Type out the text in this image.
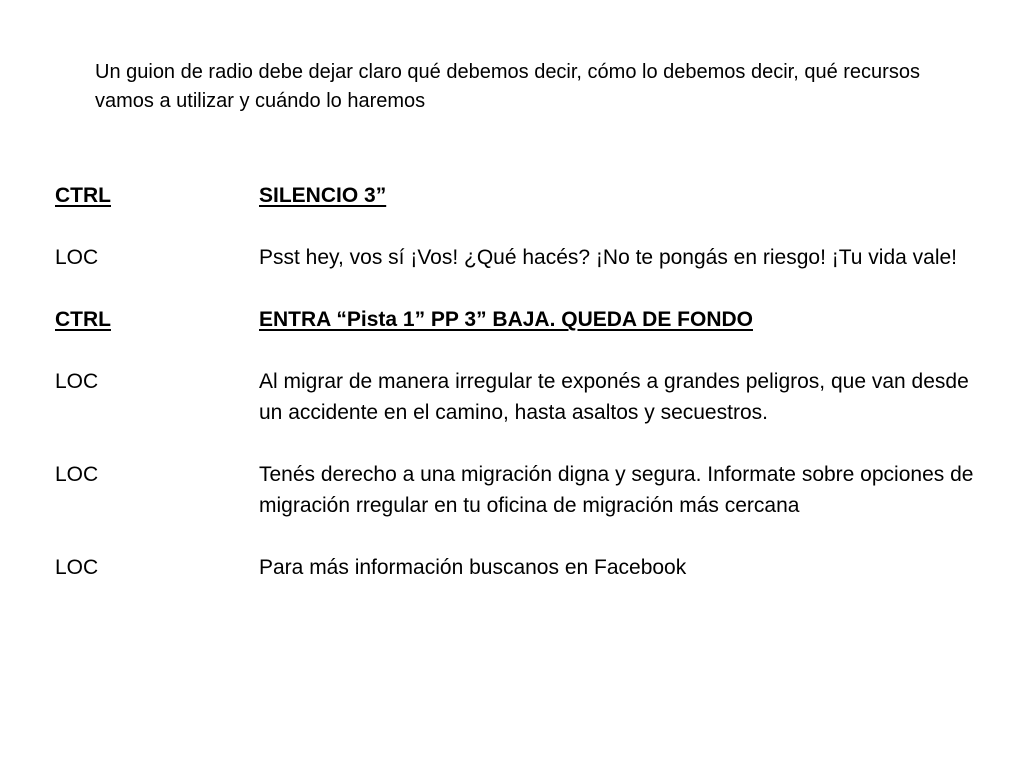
Un guion de radio debe dejar claro qué debemos decir, cómo lo debemos decir, qué recursos vamos a utilizar y cuándo lo haremos
CTRL	SILENCIO 3”
LOC	Psst hey, vos sí ¡Vos! ¿Qué hacés? ¡No te pongás en riesgo! ¡Tu vida vale!
CTRL	ENTRA “Pista 1” PP 3” BAJA. QUEDA DE FONDO
LOC	Al migrar de manera irregular te exponés a grandes peligros, que van desde un accidente en el camino, hasta asaltos y secuestros.
LOC	Tenés derecho a una migración digna y segura. Informate sobre opciones de migración rregular en tu oficina de migración más cercana
LOC	Para más información buscanos en Facebook
